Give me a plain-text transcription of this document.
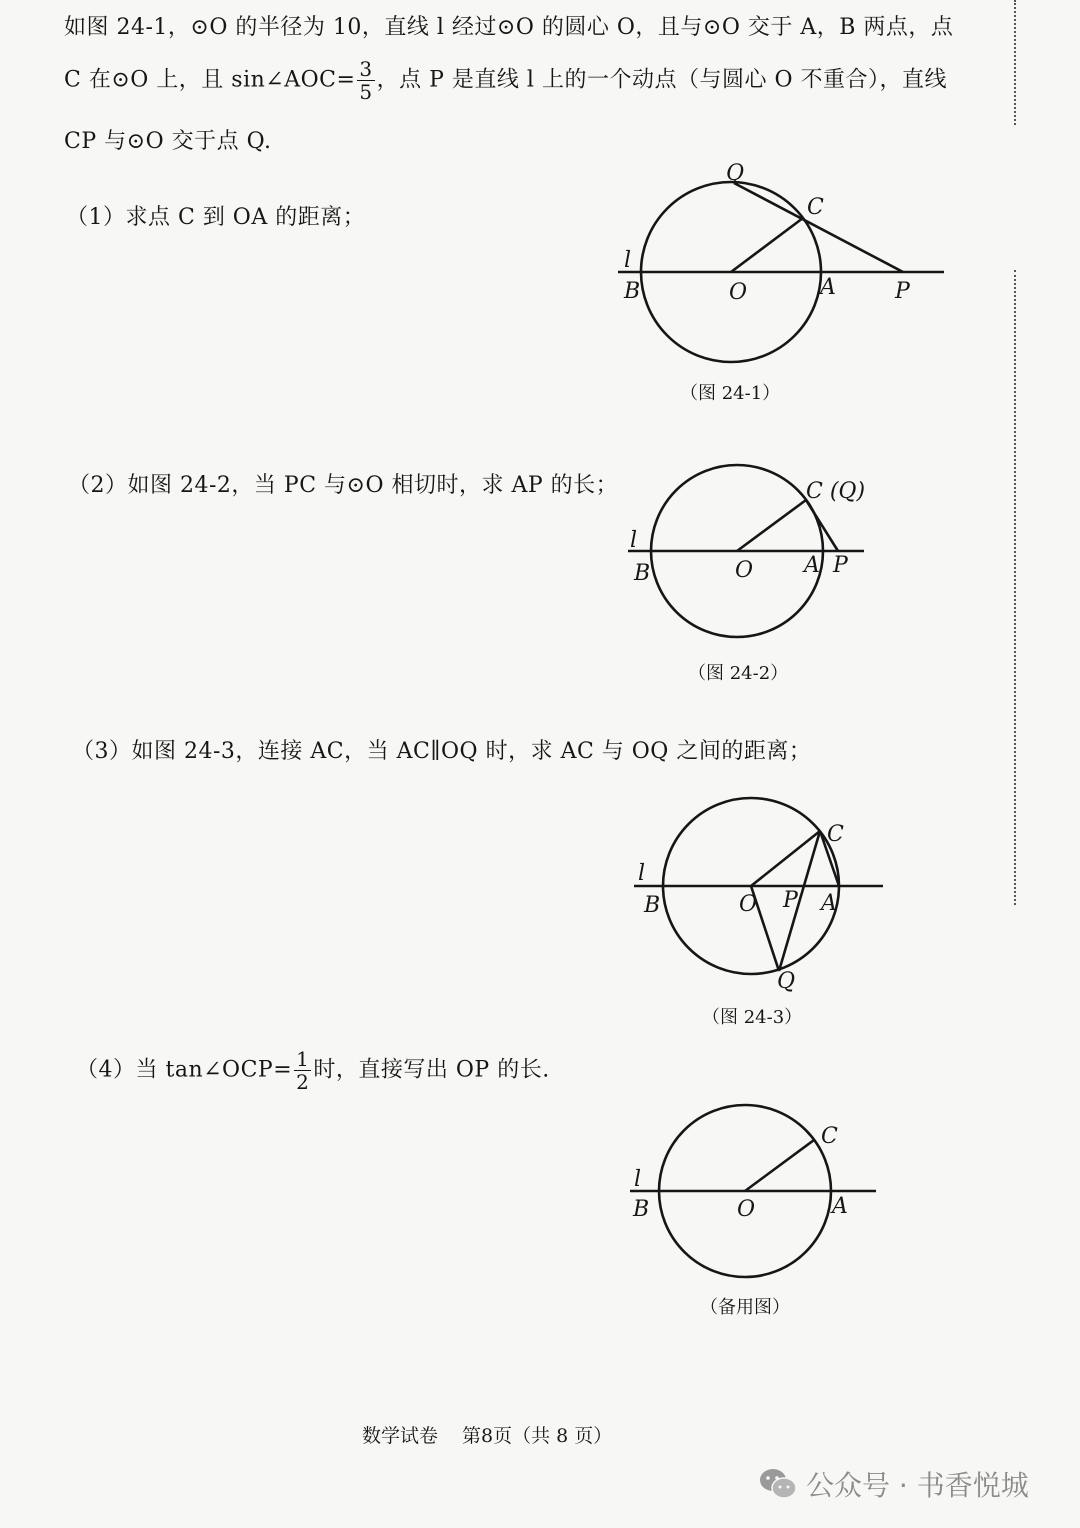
如图 24-1，⊙O 的半径为 10，直线 l 经过⊙O 的圆心 O，且与⊙O 交于 A，B 两点，点
C 在⊙O 上，且 sin∠AOC= $\frac{3}{5}$ ，点 P 是直线 l 上的一个动点（与圆心 O 不重合），直线
CP 与⊙O 交于点 Q.
（1）求点 C 到 OA 的距离；
（2）如图 24-2，当 PC 与⊙O 相切时，求 AP 的长；
（3）如图 24-3，连接 AC，当 AC∥OQ 时，求 AC 与 OQ 之间的距离；
（4）当 tan∠OCP= $\frac{1}{2}$ 时，直接写出 OP 的长.
Q
C
l
B	O	A	P
（图 24-1）
C (Q)
l
B	O A P
（图 24-2）
C
l
B	O P A
Q
（图 24-3）
C
l
B	O	A
（备用图）
数学试卷 第8页（共 8 页）
公众号 · 书香悦城
